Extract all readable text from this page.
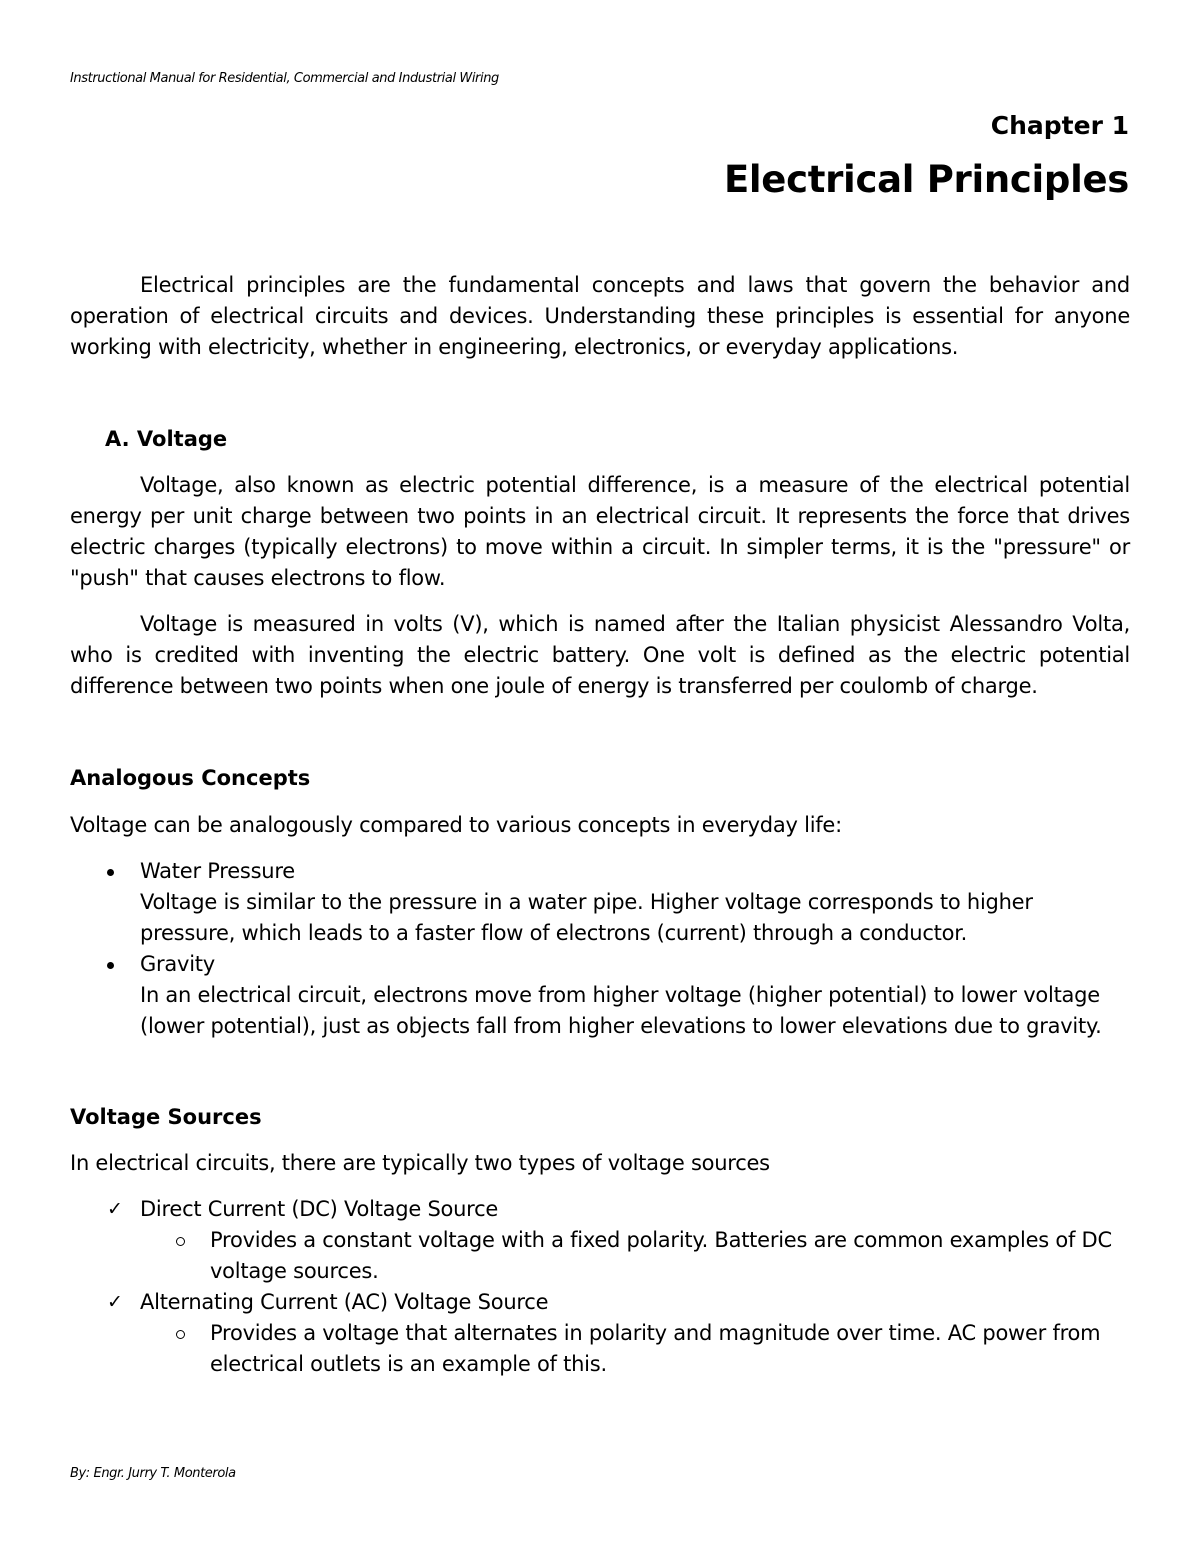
Instructional Manual for Residential, Commercial and Industrial Wiring
Chapter 1
Electrical Principles

Electrical principles are the fundamental concepts and laws that govern the behavior and operation of electrical circuits and devices. Understanding these principles is essential for anyone working with electricity, whether in engineering, electronics, or everyday applications.

A. Voltage

Voltage, also known as electric potential difference, is a measure of the electrical potential energy per unit charge between two points in an electrical circuit. It represents the force that drives electric charges (typically electrons) to move within a circuit. In simpler terms, it is the "pressure" or "push" that causes electrons to flow.

Voltage is measured in volts (V), which is named after the Italian physicist Alessandro Volta, who is credited with inventing the electric battery. One volt is defined as the electric potential difference between two points when one joule of energy is transferred per coulomb of charge.

Analogous Concepts

Voltage can be analogously compared to various concepts in everyday life:

Water Pressure
Voltage is similar to the pressure in a water pipe. Higher voltage corresponds to higher pressure, which leads to a faster flow of electrons (current) through a conductor.
Gravity
In an electrical circuit, electrons move from higher voltage (higher potential) to lower voltage (lower potential), just as objects fall from higher elevations to lower elevations due to gravity.
Voltage Sources

In electrical circuits, there are typically two types of voltage sources

✓ Direct Current (DC) Voltage Source
Provides a constant voltage with a fixed polarity. Batteries are common examples of DC voltage sources.
✓ Alternating Current (AC) Voltage Source
Provides a voltage that alternates in polarity and magnitude over time. AC power from electrical outlets is an example of this.
By: Engr. Jurry T. Monterola
